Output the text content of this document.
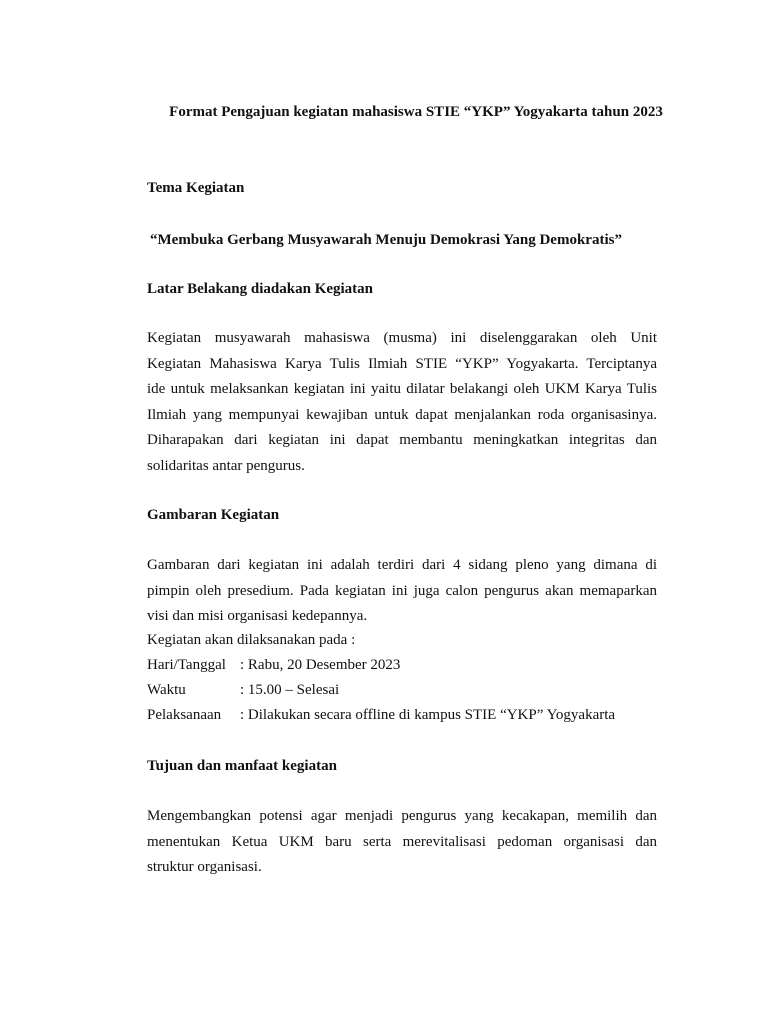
Format Pengajuan kegiatan mahasiswa STIE “YKP” Yogyakarta tahun 2023
Tema Kegiatan
“Membuka Gerbang Musyawarah Menuju Demokrasi Yang Demokratis”
Latar Belakang diadakan Kegiatan
Kegiatan musyawarah mahasiswa (musma) ini diselenggarakan oleh Unit
Kegiatan Mahasiswa Karya Tulis Ilmiah STIE “YKP” Yogyakarta. Terciptanya
ide untuk melaksankan kegiatan ini yaitu dilatar belakangi oleh UKM Karya Tulis
Ilmiah yang mempunyai kewajiban untuk dapat menjalankan roda organisasinya.
Diharapakan dari kegiatan ini dapat membantu meningkatkan integritas dan
solidaritas antar pengurus.
Gambaran Kegiatan
Gambaran dari kegiatan ini adalah terdiri dari 4 sidang pleno yang dimana di
pimpin oleh presedium. Pada kegiatan ini juga calon pengurus akan memaparkan
visi dan misi organisasi kedepannya.
Kegiatan akan dilaksanakan pada :
Hari/Tanggal : Rabu, 20 Desember 2023
Waktu	: 15.00 – Selesai
Pelaksanaan : Dilakukan secara offline di kampus STIE “YKP” Yogyakarta
Tujuan dan manfaat kegiatan
Mengembangkan potensi agar menjadi pengurus yang kecakapan, memilih dan
menentukan Ketua UKM baru serta merevitalisasi pedoman organisasi dan
struktur organisasi.
